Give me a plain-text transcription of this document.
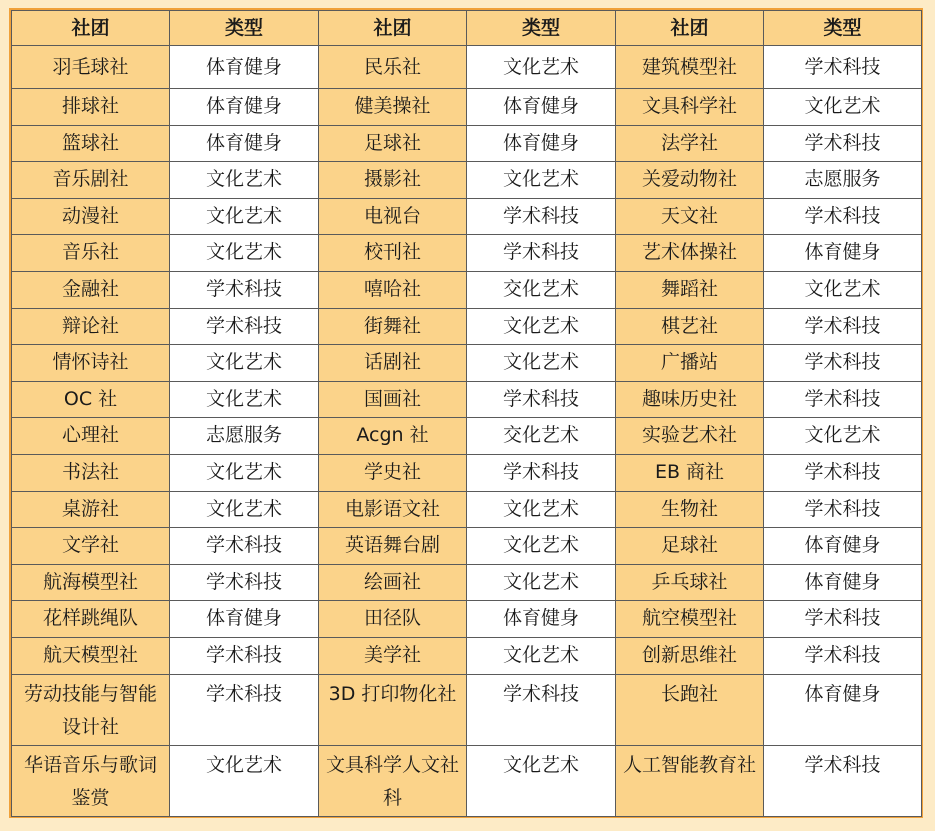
社团	类型	社团	类型	社团	类型
羽毛球社	体育健身	民乐社	文化艺术	建筑模型社	学术科技
排球社	体育健身	健美操社	体育健身	文具科学社	文化艺术
篮球社	体育健身	足球社	体育健身	法学社	学术科技
音乐剧社	文化艺术	摄影社	文化艺术	关爱动物社	志愿服务
动漫社	文化艺术	电视台	学术科技	天文社	学术科技
音乐社	文化艺术	校刊社	学术科技	艺术体操社	体育健身
金融社	学术科技	嘻哈社	交化艺术	舞蹈社	文化艺术
辩论社	学术科技	街舞社	文化艺术	棋艺社	学术科技
情怀诗社	文化艺术	话剧社	文化艺术	广播站	学术科技
OC 社	文化艺术	国画社	学术科技	趣味历史社	学术科技
心理社	志愿服务	Acgn 社	交化艺术	实验艺术社	文化艺术
书法社	文化艺术	学史社	学术科技	EB 商社	学术科技
桌游社	文化艺术	电影语文社	文化艺术	生物社	学术科技
文学社	学术科技	英语舞台剧	文化艺术	足球社	体育健身
航海模型社	学术科技	绘画社	文化艺术	乒乓球社	体育健身
花样跳绳队	体育健身	田径队	体育健身	航空模型社	学术科技
航天模型社	学术科技	美学社	文化艺术	创新思维社	学术科技
劳动技能与智能设计社	学术科技	3D 打印物化社	学术科技	长跑社	体育健身
华语音乐与歌词鉴赏	文化艺术	文具科学人文社科	文化艺术	人工智能教育社	学术科技
